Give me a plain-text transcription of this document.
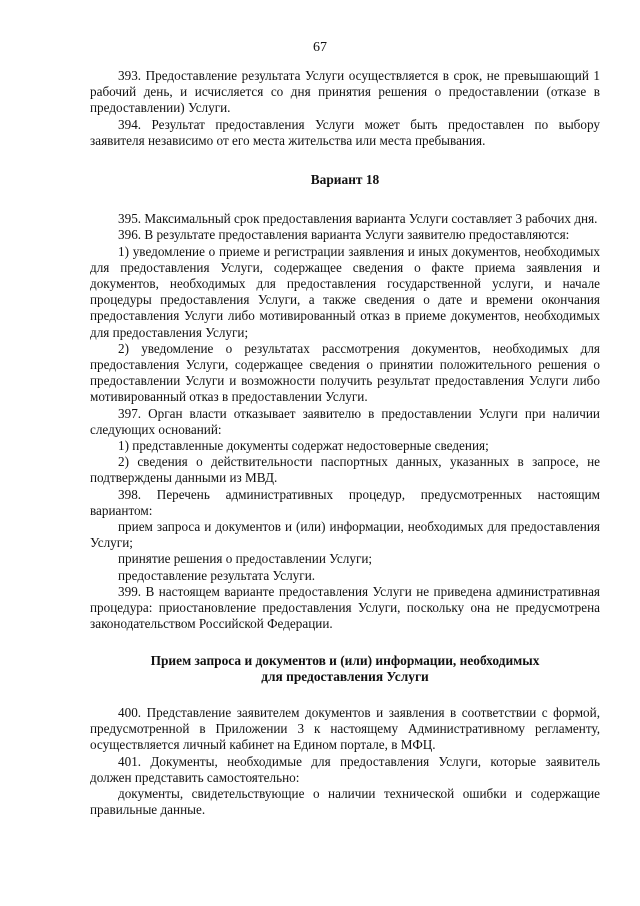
67

393. Предоставление результата Услуги осуществляется в срок, не превышающий 1 рабочий день, и исчисляется со дня принятия решения о предоставлении (отказе в предоставлении) Услуги.

394. Результат предоставления Услуги может быть предоставлен по выбору заявителя независимо от его места жительства или места пребывания.

Вариант 18

395. Максимальный срок предоставления варианта Услуги составляет 3 рабочих дня.

396. В результате предоставления варианта Услуги заявителю предоставляются:

1) уведомление о приеме и регистрации заявления и иных документов, необходимых для предоставления Услуги, содержащее сведения о факте приема заявления и документов, необходимых для предоставления государственной услуги, и начале процедуры предоставления Услуги, а также сведения о дате и времени окончания предоставления Услуги либо мотивированный отказ в приеме документов, необходимых для предоставления Услуги;

2) уведомление о результатах рассмотрения документов, необходимых для предоставления Услуги, содержащее сведения о принятии положительного решения о предоставлении Услуги и возможности получить результат предоставления Услуги либо мотивированный отказ в предоставлении Услуги.

397. Орган власти отказывает заявителю в предоставлении Услуги при наличии следующих оснований:

1) представленные документы содержат недостоверные сведения;

2) сведения о действительности паспортных данных, указанных в запросе, не подтверждены данными из МВД.

398. Перечень административных процедур, предусмотренных настоящим вариантом:

прием запроса и документов и (или) информации, необходимых для предоставления Услуги;

принятие решения о предоставлении Услуги;

предоставление результата Услуги.

399. В настоящем варианте предоставления Услуги не приведена административная процедура: приостановление предоставления Услуги, поскольку она не предусмотрена законодательством Российской Федерации.

Прием запроса и документов и (или) информации, необходимых
для предоставления Услуги

400. Представление заявителем документов и заявления в соответствии с формой, предусмотренной в Приложении 3 к настоящему Административному регламенту, осуществляется личный кабинет на Едином портале, в МФЦ.

401. Документы, необходимые для предоставления Услуги, которые заявитель должен представить самостоятельно:

документы, свидетельствующие о наличии технической ошибки и содержащие правильные данные.
